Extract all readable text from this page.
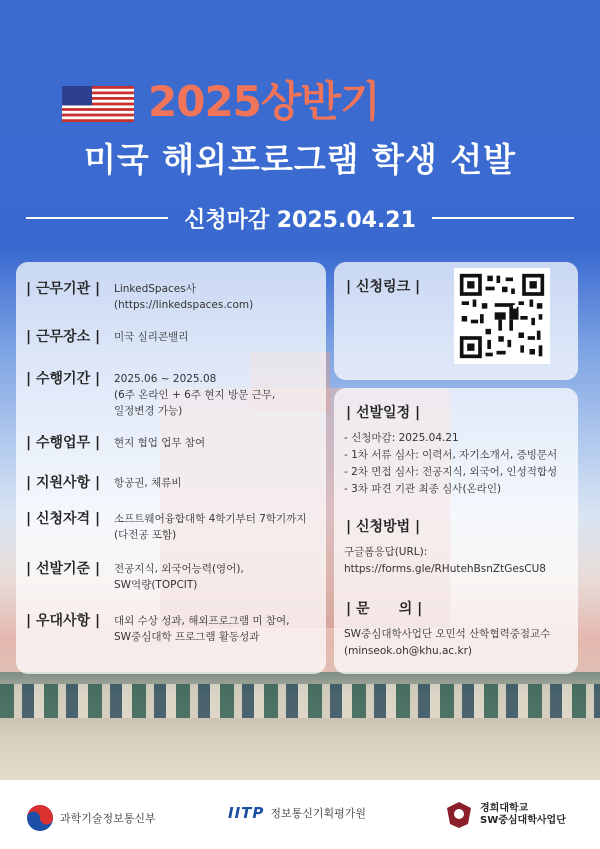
2025상반기
미국 해외프로그램 학생 선발
신청마감 2025.04.21
| 근무기관 |	LinkedSpaces사
(https://linkedspaces.com)
| 근무장소 |	미국 실리콘밸리
| 수행기간 |	2025.06 ~ 2025.08
(6주 온라인 + 6주 현지 방문 근무,
일정변경 가능)
| 수행업무 |	현지 협업 업무 참여
| 지원사항 |	항공권, 체류비
| 신청자격 |	소프트웨어융합대학 4학기부터 7학기까지
(다전공 포함)
| 선발기준 |	전공지식, 외국어능력(영어),
SW역량(TOPCIT)
| 우대사항 |	대외 수상 성과, 해외프로그램 미 참여,
SW중심대학 프로그램 활동성과
| 신청링크 |
| 선발일정 |
- 신청마감: 2025.04.21
- 1차 서류 심사: 이력서, 자기소개서, 증빙문서
- 2차 면접 심사: 전공지식, 외국어, 인성적합성
- 3차 파견 기관 최종 심사(온라인)
| 신청방법 |
구글폼응답(URL):
https://forms.gle/RHutehBsnZtGesCU8
| 문      의 |
SW중심대학사업단 오민석 산학협력중점교수
(minseok.oh@khu.ac.kr)
과학기술정보통신부	IITP 정보통신기획평가원	경희대학교
SW중심대학사업단
